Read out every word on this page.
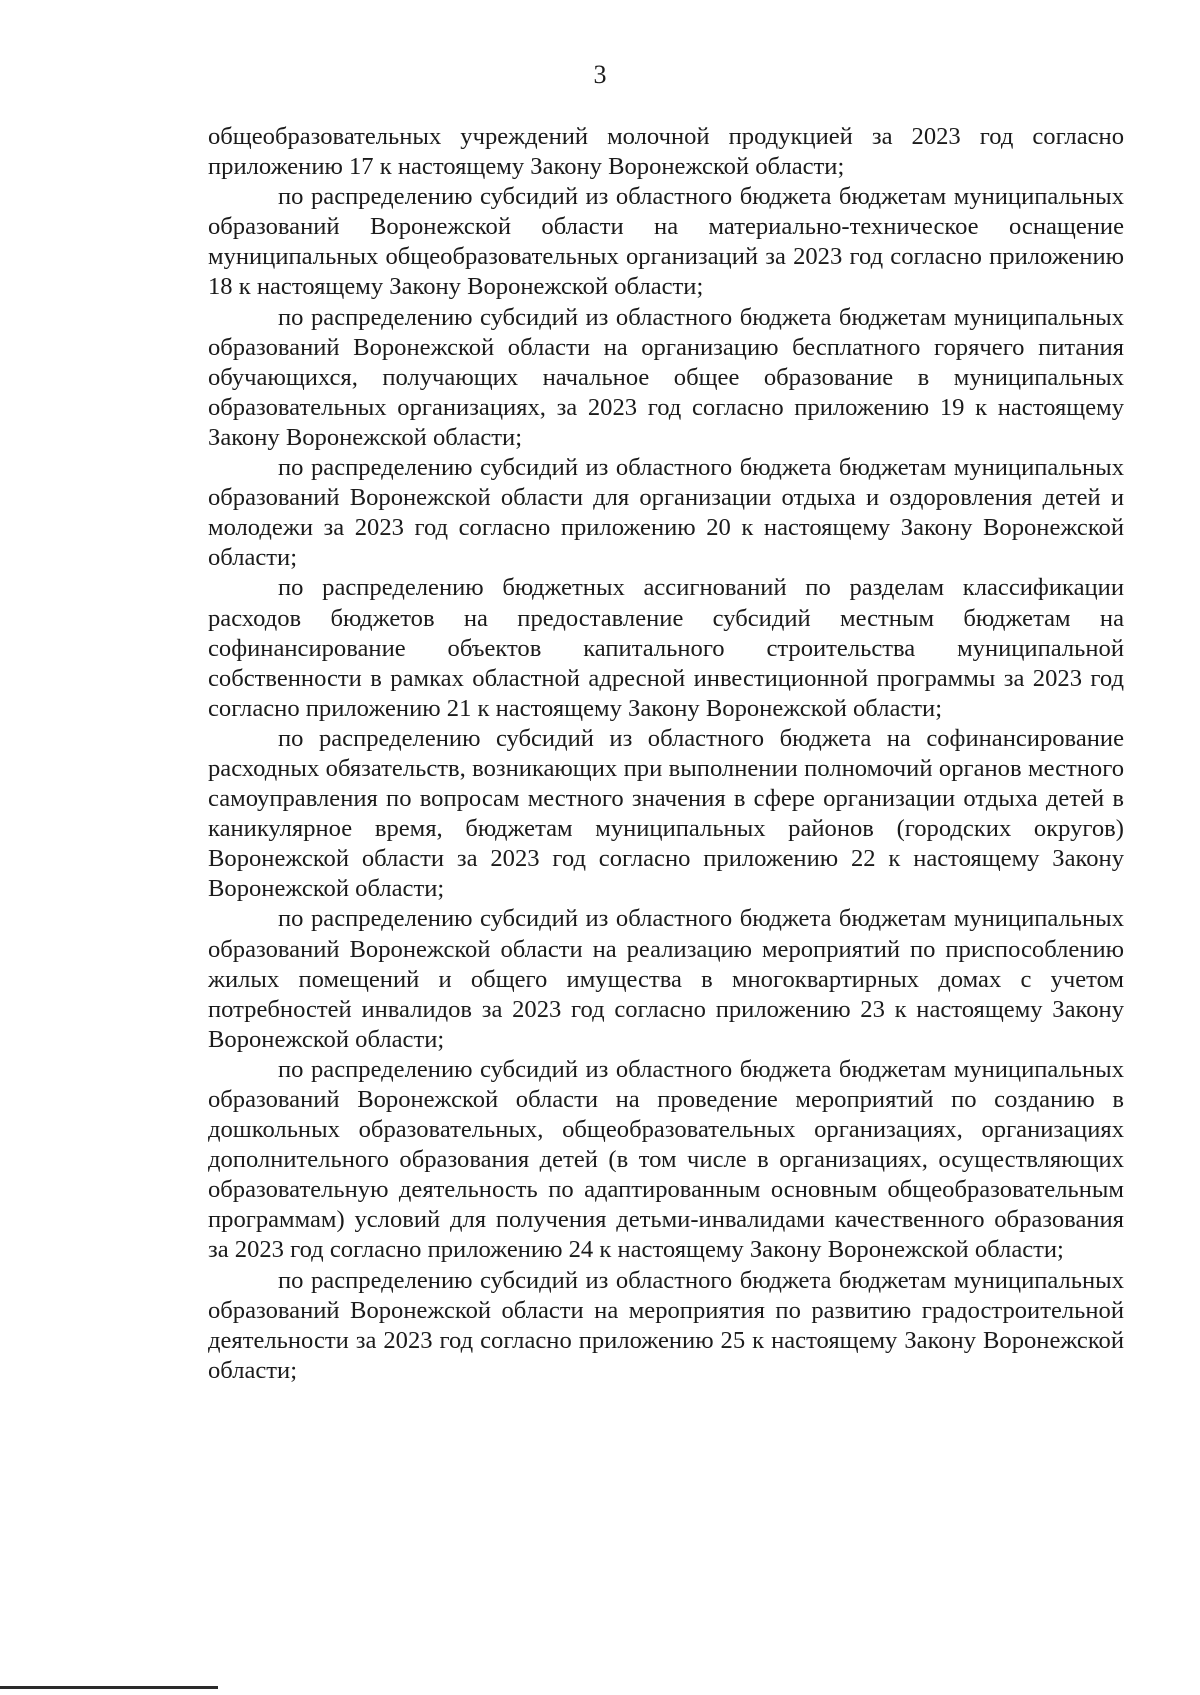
3

общеобразовательных учреждений молочной продукцией за 2023 год согласно приложению 17 к настоящему Закону Воронежской области;

по распределению субсидий из областного бюджета бюджетам муниципальных образований Воронежской области на материально-техническое оснащение муниципальных общеобразовательных организаций за 2023 год согласно приложению 18 к настоящему Закону Воронежской области;

по распределению субсидий из областного бюджета бюджетам муниципальных образований Воронежской области на организацию бесплатного горячего питания обучающихся, получающих начальное общее образование в муниципальных образовательных организациях, за 2023 год согласно приложению 19 к настоящему Закону Воронежской области;

по распределению субсидий из областного бюджета бюджетам муниципальных образований Воронежской области для организации отдыха и оздоровления детей и молодежи за 2023 год согласно приложению 20 к настоящему Закону Воронежской области;

по распределению бюджетных ассигнований по разделам классификации расходов бюджетов на предоставление субсидий местным бюджетам на софинансирование объектов капитального строительства муниципальной собственности в рамках областной адресной инвестиционной программы за 2023 год согласно приложению 21 к настоящему Закону Воронежской области;

по распределению субсидий из областного бюджета на софинансирование расходных обязательств, возникающих при выполнении полномочий органов местного самоуправления по вопросам местного значения в сфере организации отдыха детей в каникулярное время, бюджетам муниципальных районов (городских округов) Воронежской области за 2023 год согласно приложению 22 к настоящему Закону Воронежской области;

по распределению субсидий из областного бюджета бюджетам муниципальных образований Воронежской области на реализацию мероприятий по приспособлению жилых помещений и общего имущества в многоквартирных домах с учетом потребностей инвалидов за 2023 год согласно приложению 23 к настоящему Закону Воронежской области;

по распределению субсидий из областного бюджета бюджетам муниципальных образований Воронежской области на проведение мероприятий по созданию в дошкольных образовательных, общеобразовательных организациях, организациях дополнительного образования детей (в том числе в организациях, осуществляющих образовательную деятельность по адаптированным основным общеобразовательным программам) условий для получения детьми-инвалидами качественного образования за 2023 год согласно приложению 24 к настоящему Закону Воронежской области;

по распределению субсидий из областного бюджета бюджетам муниципальных образований Воронежской области на мероприятия по развитию градостроительной деятельности за 2023 год согласно приложению 25 к настоящему Закону Воронежской области;
